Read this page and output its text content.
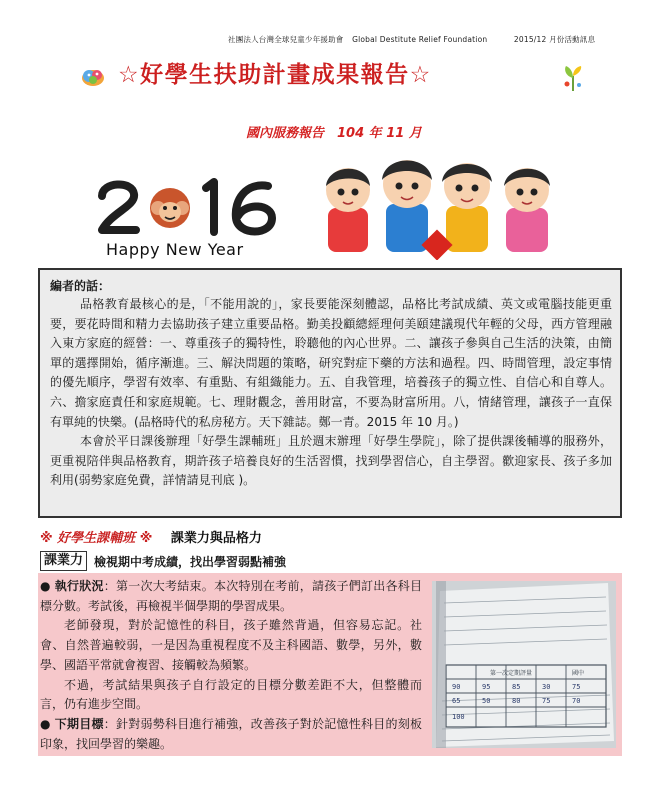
社團法人台灣全球兒童少年援助會 Global Destitute Relief Foundation	2015/12 月份活動訊息
☆好學生扶助計畫成果報告☆
國內服務報告　104 年 11 月
Happy New Year
編者的話：

品格教育最核心的是，「不能用說的」，家長要能深刻體認，品格比考試成績、英文或電腦技能更重要，要花時間和精力去協助孩子建立重要品格。勤美投顧總經理何美頤建議現代年輕的父母，西方管理融入東方家庭的經營：一、尊重孩子的獨特性，聆聽他的內心世界。二、讓孩子參與自己生活的決策，由簡單的選擇開始，循序漸進。三、解決問題的策略，研究對症下藥的方法和過程。四、時間管理，設定事情的優先順序，學習有效率、有重點、有組織能力。五、自我管理，培養孩子的獨立性、自信心和自尊人。六、擔家庭責任和家庭規範。七、理財觀念，善用財富，不要為財富所用。八，情緒管理，讓孩子一直保有單純的快樂。(品格時代的私房秘方。天下雜誌。鄭一青。2015 年 10 月。)

本會於平日課後辦理「好學生課輔班」且於週末辦理「好學生學院」，除了提供課後輔導的服務外，更重視陪伴與品格教育，期許孩子培養良好的生活習慣，找到學習信心，自主學習。歡迎家長、孩子多加利用(弱勢家庭免費，詳情請見刊底 )。

※ 好學生課輔班 ※ 課業力與品格力
課業力 檢視期中考成績，找出學習弱點補強

● 執行狀況：第一次大考結束。本次特別在考前，請孩子們訂出各科目標分數。考試後，再檢視半個學期的學習成果。

老師發現，對於記憶性的科目，孩子雖然背過，但容易忘記。社會、自然普遍較弱，一是因為重視程度不及主科國語、數學，另外，數學、國語平常就會複習、接觸較為頻繁。

不過，考試結果與孩子自行設定的目標分數差距不大，但整體而言，仍有進步空間。

● 下期目標：針對弱勢科目進行補強，改善孩子對於記憶性科目的刻板印象，找回學習的樂趣。

第一次定期評量	國中
90	95	85	30	75
65	50	80	75	70
100
